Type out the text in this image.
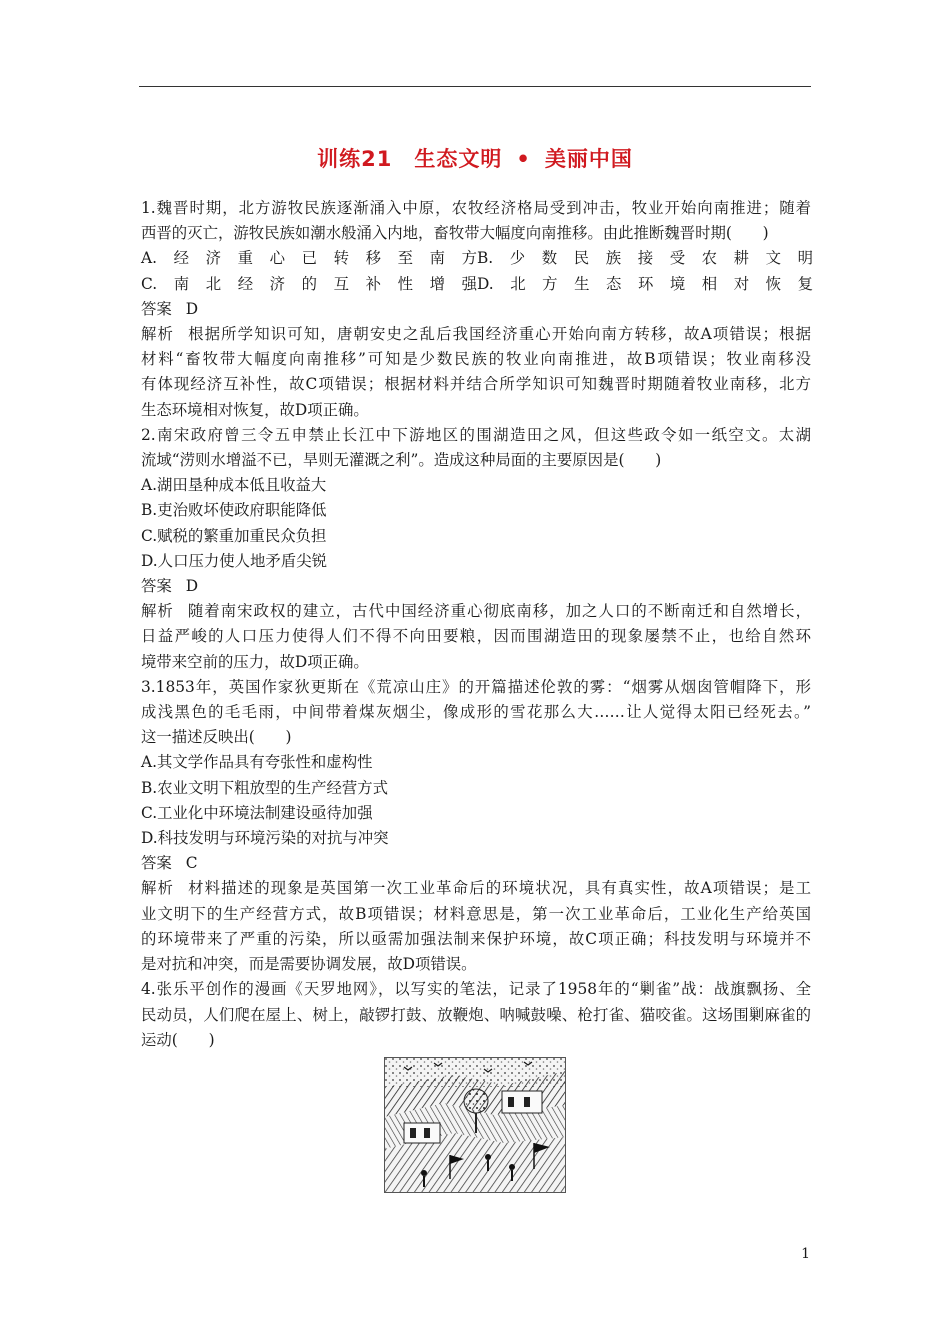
训练21　生态文明 • 美丽中国
1.魏晋时期，北方游牧民族逐渐涌入中原，农牧经济格局受到冲击，牧业开始向南推进；随着
西晋的灭亡，游牧民族如潮水般涌入内地，畜牧带大幅度向南推移。由此推断魏晋时期(　　)
A.经济重心已转移至南方 B.少数民族接受农耕文明
C.南北经济的互补性增强 D.北方生态环境相对恢复
答案 D
解析 根据所学知识可知，唐朝安史之乱后我国经济重心开始向南方转移，故A项错误；根据
材料“畜牧带大幅度向南推移”可知是少数民族的牧业向南推进，故B项错误；牧业南移没
有体现经济互补性，故C项错误；根据材料并结合所学知识可知魏晋时期随着牧业南移，北方
生态环境相对恢复，故D项正确。
2.南宋政府曾三令五申禁止长江中下游地区的围湖造田之风，但这些政令如一纸空文。太湖
流域“涝则水增溢不已，旱则无灌溉之利”。造成这种局面的主要原因是(　　)
A.湖田垦种成本低且收益大
B.吏治败坏使政府职能降低
C.赋税的繁重加重民众负担
D.人口压力使人地矛盾尖锐
答案 D
解析 随着南宋政权的建立，古代中国经济重心彻底南移，加之人口的不断南迁和自然增长，
日益严峻的人口压力使得人们不得不向田要粮，因而围湖造田的现象屡禁不止，也给自然环
境带来空前的压力，故D项正确。
3.1853年，英国作家狄更斯在《荒凉山庄》的开篇描述伦敦的雾：“烟雾从烟囱管帽降下，形
成浅黑色的毛毛雨，中间带着煤灰烟尘，像成形的雪花那么大……让人觉得太阳已经死去。”
这一描述反映出(　　)
A.其文学作品具有夸张性和虚构性
B.农业文明下粗放型的生产经营方式
C.工业化中环境法制建设亟待加强
D.科技发明与环境污染的对抗与冲突
答案 C
解析 材料描述的现象是英国第一次工业革命后的环境状况，具有真实性，故A项错误；是工
业文明下的生产经营方式，故B项错误；材料意思是，第一次工业革命后，工业化生产给英国
的环境带来了严重的污染，所以亟需加强法制来保护环境，故C项正确；科技发明与环境并不
是对抗和冲突，而是需要协调发展，故D项错误。
4.张乐平创作的漫画《天罗地网》，以写实的笔法，记录了1958年的“剿雀”战：战旗飘扬、全
民动员，人们爬在屋上、树上，敲锣打鼓、放鞭炮、呐喊鼓噪、枪打雀、猫咬雀。这场围剿麻雀的
运动(　　)
1
